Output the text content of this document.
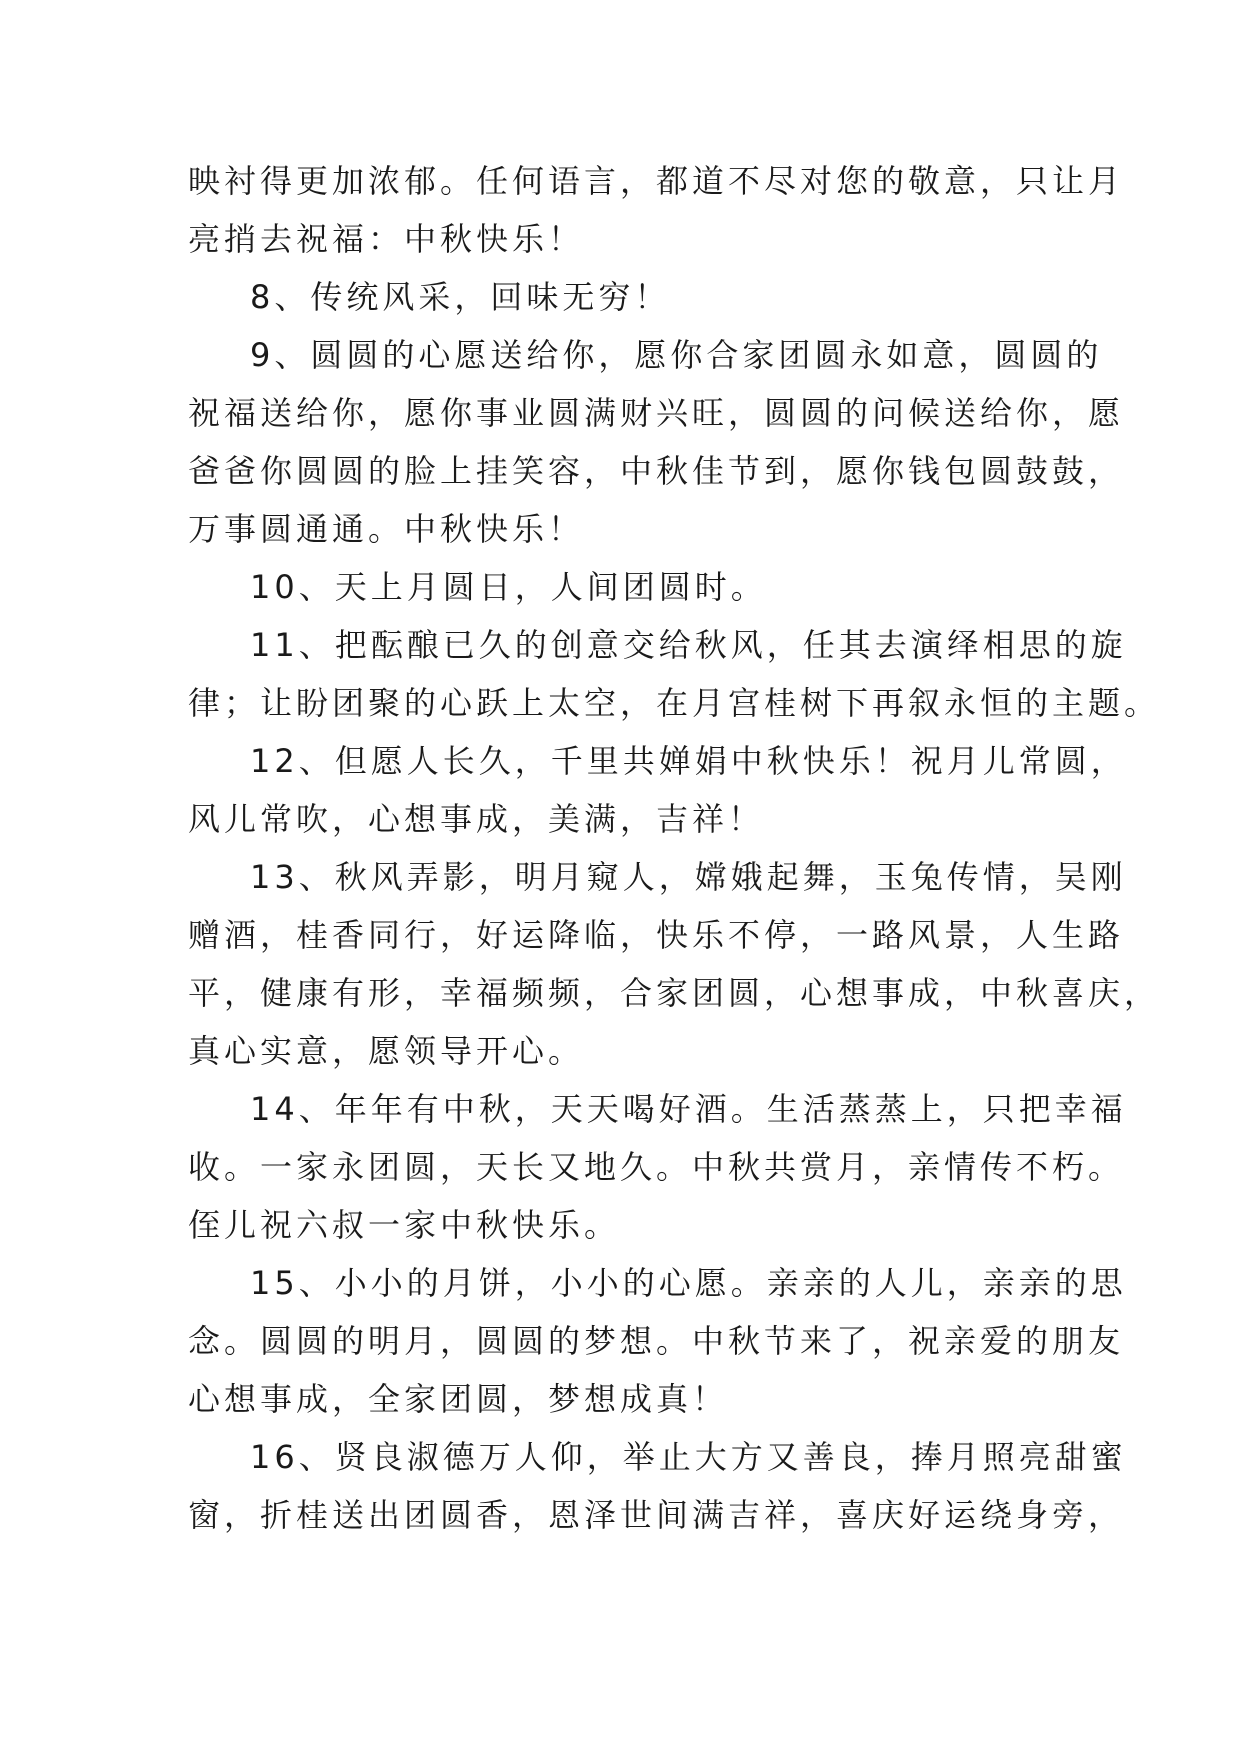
映衬得更加浓郁。任何语言，都道不尽对您的敬意，只让月
亮捎去祝福：中秋快乐！
8、传统风采，回味无穷！
9、圆圆的心愿送给你，愿你合家团圆永如意，圆圆的
祝福送给你，愿你事业圆满财兴旺，圆圆的问候送给你，愿
爸爸你圆圆的脸上挂笑容，中秋佳节到，愿你钱包圆鼓鼓，
万事圆通通。中秋快乐！
10、天上月圆日，人间团圆时。
11、把酝酿已久的创意交给秋风，任其去演绎相思的旋
律；让盼团聚的心跃上太空，在月宫桂树下再叙永恒的主题。
12、但愿人长久，千里共婵娟中秋快乐！祝月儿常圆，
风儿常吹，心想事成，美满，吉祥！
13、秋风弄影，明月窥人，嫦娥起舞，玉兔传情，吴刚
赠酒，桂香同行，好运降临，快乐不停，一路风景，人生路
平，健康有形，幸福频频，合家团圆，心想事成，中秋喜庆，
真心实意，愿领导开心。
14、年年有中秋，天天喝好酒。生活蒸蒸上，只把幸福
收。一家永团圆，天长又地久。中秋共赏月，亲情传不朽。
侄儿祝六叔一家中秋快乐。
15、小小的月饼，小小的心愿。亲亲的人儿，亲亲的思
念。圆圆的明月，圆圆的梦想。中秋节来了，祝亲爱的朋友
心想事成，全家团圆，梦想成真！
16、贤良淑德万人仰，举止大方又善良，捧月照亮甜蜜
窗，折桂送出团圆香，恩泽世间满吉祥，喜庆好运绕身旁，
